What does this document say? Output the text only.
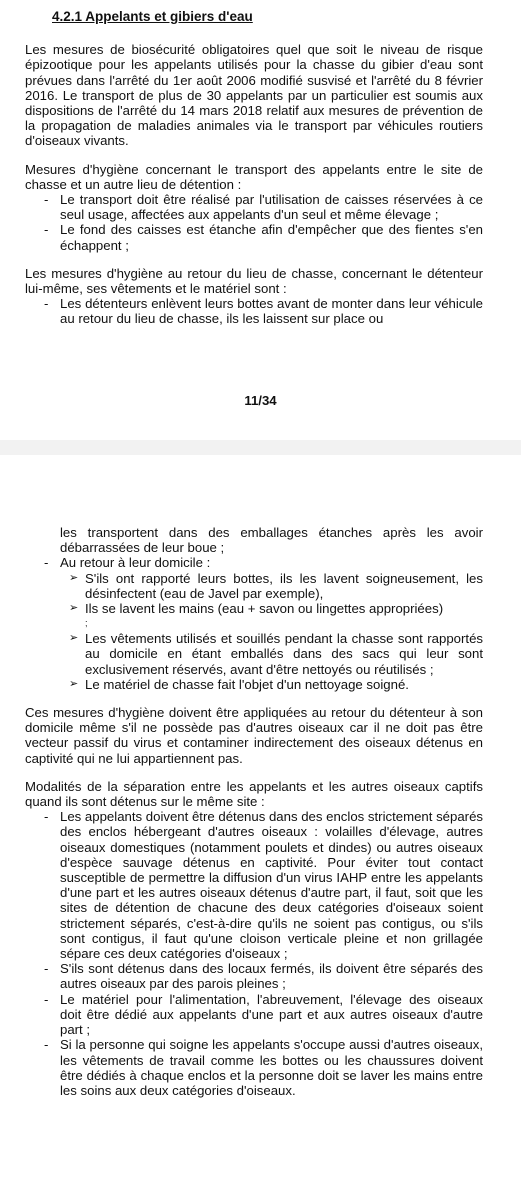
4.2.1 Appelants et gibiers d'eau

Les mesures de biosécurité obligatoires quel que soit le niveau de risque épizootique pour les appelants utilisés pour la chasse du gibier d'eau sont prévues dans l'arrêté du 1er août 2006 modifié susvisé et l'arrêté du 8 février 2016. Le transport de plus de 30 appelants par un particulier est soumis aux dispositions de l'arrêté du 14 mars 2018 relatif aux mesures de prévention de la propagation de maladies animales via le transport par véhicules routiers d'oiseaux vivants.

Mesures d'hygiène concernant le transport des appelants entre le site de chasse et un autre lieu de détention :

- Le transport doit être réalisé par l'utilisation de caisses réservées à ce seul usage, affectées aux appelants d'un seul et même élevage ;
- Le fond des caisses est étanche afin d'empêcher que des fientes s'en échappent ;

Les mesures d'hygiène au retour du lieu de chasse, concernant le détenteur lui-même, ses vêtements et le matériel sont :

- Les détenteurs enlèvent leurs bottes avant de monter dans leur véhicule au retour du lieu de chasse, ils les laissent sur place ou
11/34

les transportent dans des emballages étanches après les avoir débarrassées de leur boue ;

- Au retour à leur domicile :
➢ S'ils ont rapporté leurs bottes, ils les lavent soigneusement, les désinfectent (eau de Javel par exemple),
➢ Ils se lavent les mains (eau + savon ou lingettes appropriées)
;
➢ Les vêtements utilisés et souillés pendant la chasse sont rapportés au domicile en étant emballés dans des sacs qui leur sont exclusivement réservés, avant d'être nettoyés ou réutilisés ;
➢ Le matériel de chasse fait l'objet d'un nettoyage soigné.

Ces mesures d'hygiène doivent être appliquées au retour du détenteur à son domicile même s'il ne possède pas d'autres oiseaux car il ne doit pas être vecteur passif du virus et contaminer indirectement des oiseaux détenus en captivité qui ne lui appartiennent pas.

Modalités de la séparation entre les appelants et les autres oiseaux captifs quand ils sont détenus sur le même site :

- Les appelants doivent être détenus dans des enclos strictement séparés des enclos hébergeant d'autres oiseaux : volailles d'élevage, autres oiseaux domestiques (notamment poulets et dindes) ou autres oiseaux d'espèce sauvage détenus en captivité. Pour éviter tout contact susceptible de permettre la diffusion d'un virus IAHP entre les appelants d'une part et les autres oiseaux détenus d'autre part, il faut, soit que les sites de détention de chacune des deux catégories d'oiseaux soient strictement séparés, c'est-à-dire qu'ils ne soient pas contigus, ou s'ils sont contigus, il faut qu'une cloison verticale pleine et non grillagée sépare ces deux catégories d'oiseaux ;
- S'ils sont détenus dans des locaux fermés, ils doivent être séparés des autres oiseaux par des parois pleines ;
- Le matériel pour l'alimentation, l'abreuvement, l'élevage des oiseaux doit être dédié aux appelants d'une part et aux autres oiseaux d'autre part ;
- Si la personne qui soigne les appelants s'occupe aussi d'autres oiseaux, les vêtements de travail comme les bottes ou les chaussures doivent être dédiés à chaque enclos et la personne doit se laver les mains entre les soins aux deux catégories d'oiseaux.
